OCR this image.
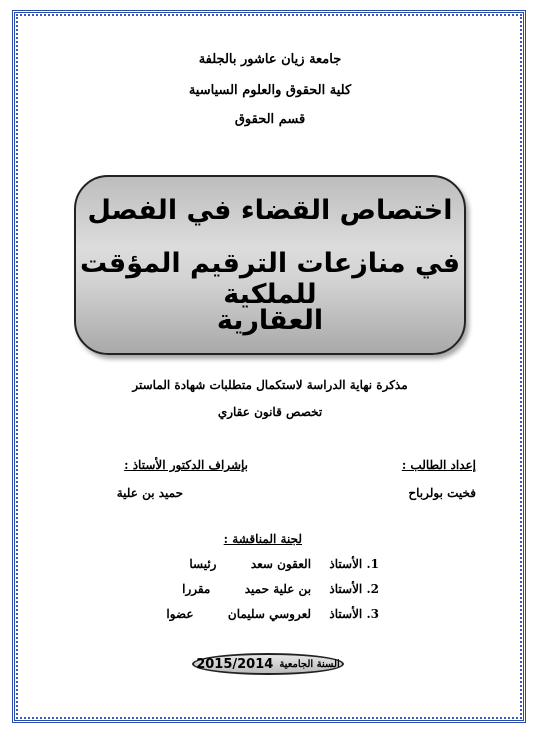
جامعة زيان عاشور بالجلفة
كلية الحقوق والعلوم السياسية
قسم الحقوق
اختصاص القضاء في الفصل
في منازعات الترقيم المؤقت للملكية
العقارية
مذكرة نهاية الدراسة لاستكمال متطلبات شهادة الماستر
تخصص قانون عقاري
إعداد الطالب :
فخيت بولرباح
بإشراف الدكتور الأستاذ :
حميد بن علية
لجنة المناقشة :
1. الأستاذ  العقون سعد  رئيسا
2. الأستاذ  بن علية حميد  مقررا
3. الأستاذ  لعروسي سليمان  عضوا
السنة الجامعية
2015/2014
